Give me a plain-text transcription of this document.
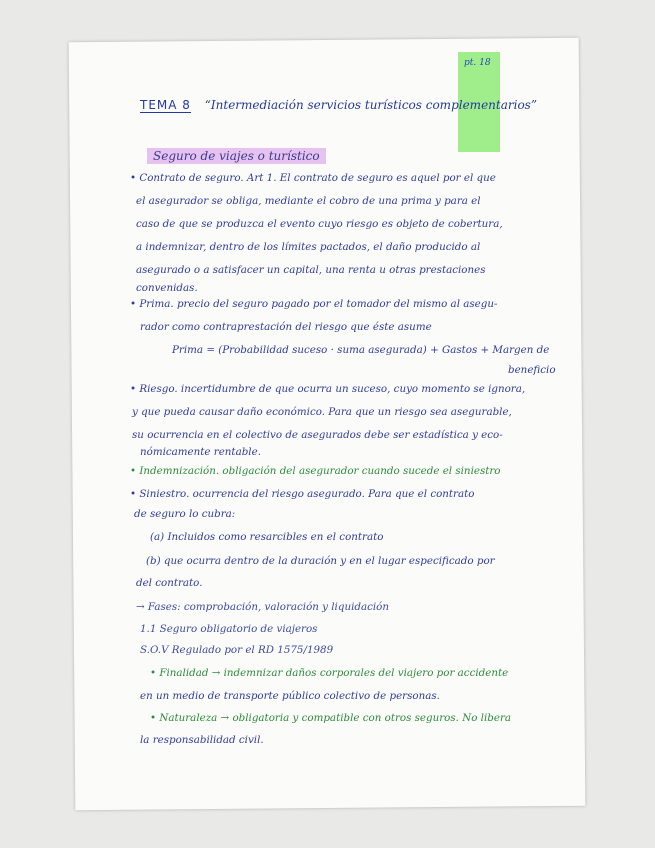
pt. 18
TEMA 8 “Intermediación servicios turísticos complementarios”
Seguro de viajes o turístico
• Contrato de seguro. Art 1. El contrato de seguro es aquel por el que
el asegurador se obliga, mediante el cobro de una prima y para el
caso de que se produzca el evento cuyo riesgo es objeto de cobertura,
a indemnizar, dentro de los límites pactados, el daño producido al
asegurado o a satisfacer un capital, una renta u otras prestaciones
convenidas.
• Prima. precio del seguro pagado por el tomador del mismo al asegu-
rador como contraprestación del riesgo que éste asume
Prima = (Probabilidad suceso · suma asegurada) + Gastos + Margen de
beneficio
• Riesgo. incertidumbre de que ocurra un suceso, cuyo momento se ignora,
y que pueda causar daño económico. Para que un riesgo sea asegurable,
su ocurrencia en el colectivo de asegurados debe ser estadística y eco-
nómicamente rentable.
• Indemnización. obligación del asegurador cuando sucede el siniestro
• Siniestro. ocurrencia del riesgo asegurado. Para que el contrato
de seguro lo cubra:
(a) Incluidos como resarcibles en el contrato
(b) que ocurra dentro de la duración y en el lugar especificado por
del contrato.
→ Fases: comprobación, valoración y liquidación
1.1 Seguro obligatorio de viajeros
S.O.V Regulado por el RD 1575/1989
• Finalidad → indemnizar daños corporales del viajero por accidente
en un medio de transporte público colectivo de personas.
• Naturaleza → obligatoria y compatible con otros seguros. No libera
la responsabilidad civil.
